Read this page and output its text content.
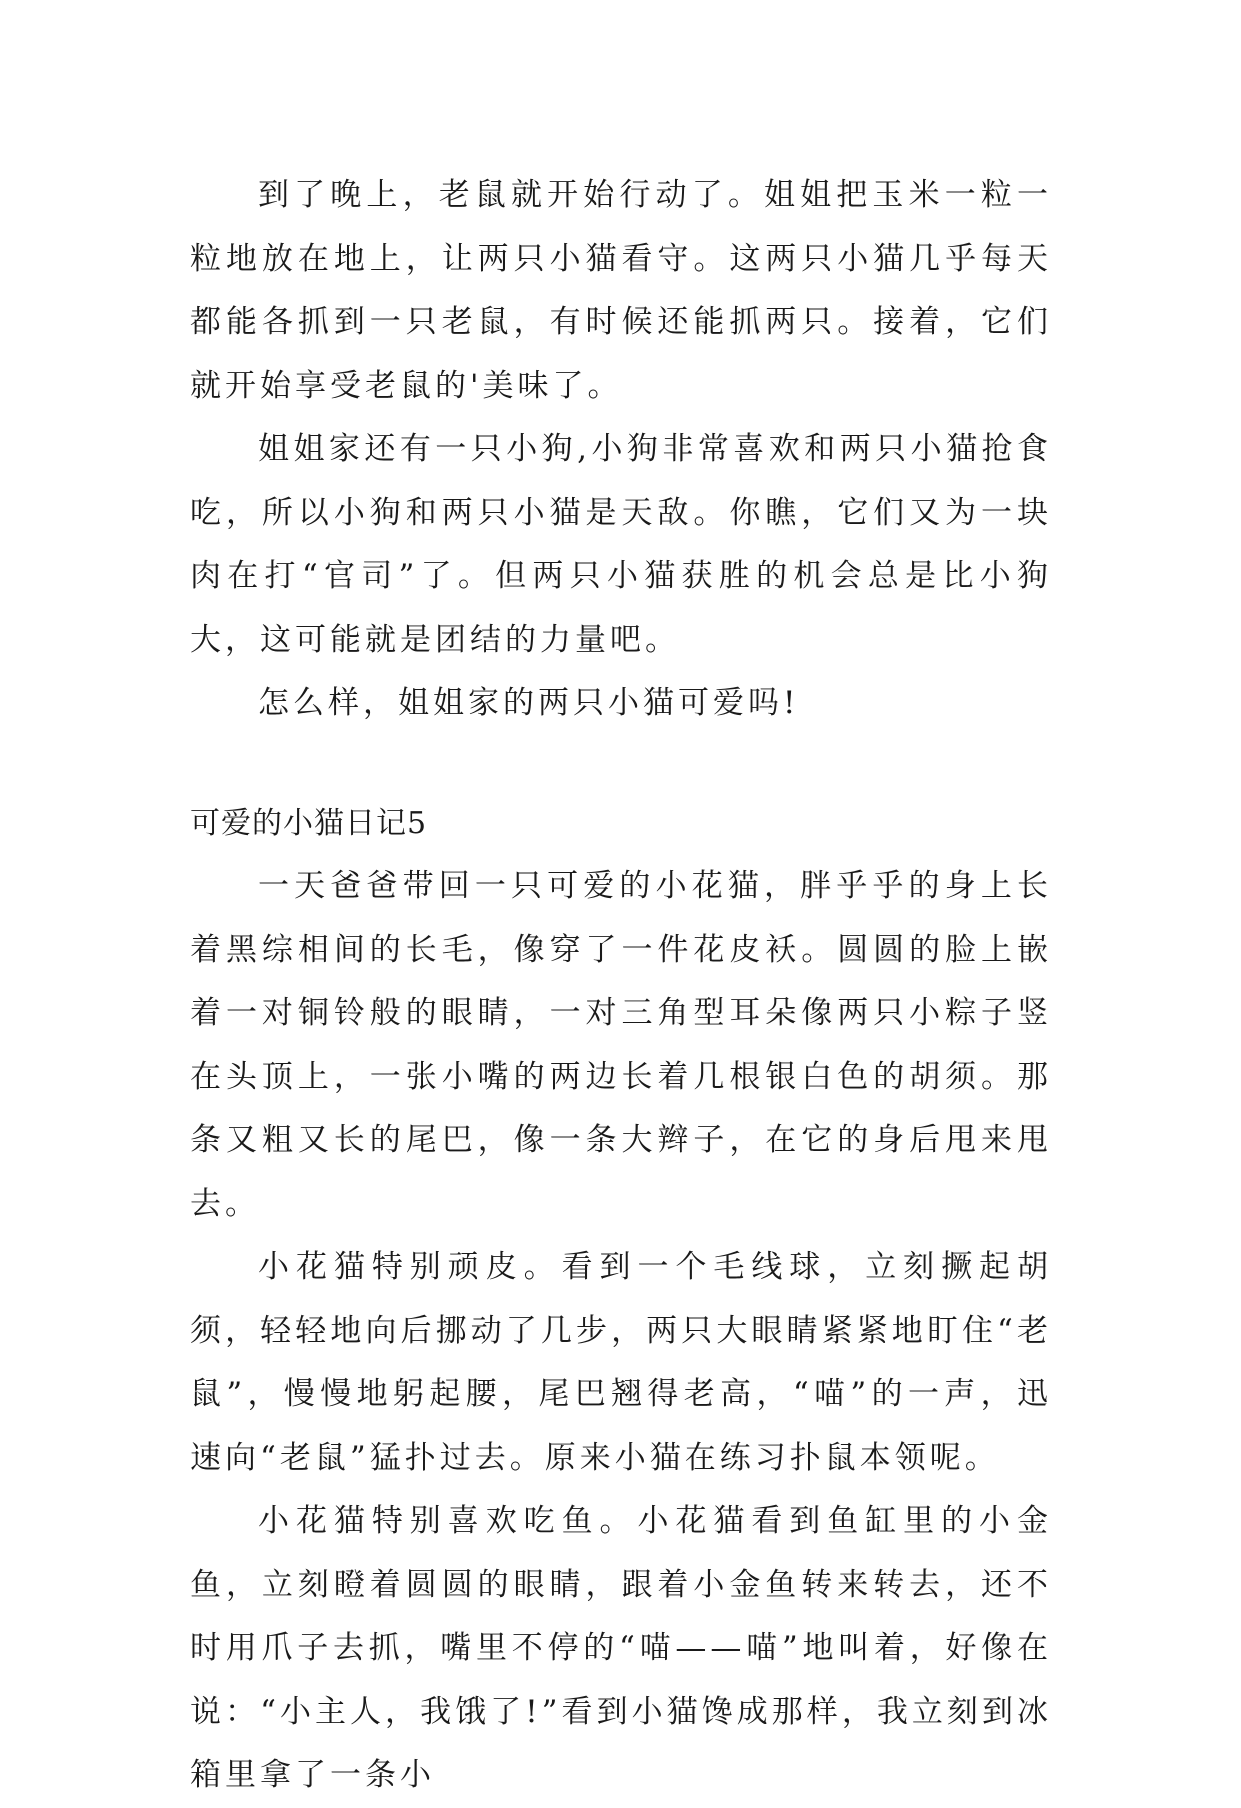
到了晚上，老鼠就开始行动了。姐姐把玉米一粒一粒地放在地上，让两只小猫看守。这两只小猫几乎每天都能各抓到一只老鼠，有时候还能抓两只。接着，它们就开始享受老鼠的'美味了。

姐姐家还有一只小狗,小狗非常喜欢和两只小猫抢食吃，所以小狗和两只小猫是天敌。你瞧，它们又为一块肉在打“官司”了。但两只小猫获胜的机会总是比小狗大，这可能就是团结的力量吧。

怎么样，姐姐家的两只小猫可爱吗!

可爱的小猫日记5

一天爸爸带回一只可爱的小花猫，胖乎乎的身上长着黑综相间的长毛，像穿了一件花皮袄。圆圆的脸上嵌着一对铜铃般的眼睛，一对三角型耳朵像两只小粽子竖在头顶上，一张小嘴的两边长着几根银白色的胡须。那条又粗又长的尾巴，像一条大辫子，在它的身后甩来甩去。

小花猫特别顽皮。看到一个毛线球，立刻撅起胡须，轻轻地向后挪动了几步，两只大眼睛紧紧地盯住“老鼠”，慢慢地躬起腰，尾巴翘得老高，“喵”的一声，迅速向“老鼠”猛扑过去。原来小猫在练习扑鼠本领呢。

小花猫特别喜欢吃鱼。小花猫看到鱼缸里的小金鱼，立刻瞪着圆圆的眼睛，跟着小金鱼转来转去，还不时用爪子去抓，嘴里不停的“喵——喵”地叫着，好像在说：“小主人，我饿了!”看到小猫馋成那样，我立刻到冰箱里拿了一条小
